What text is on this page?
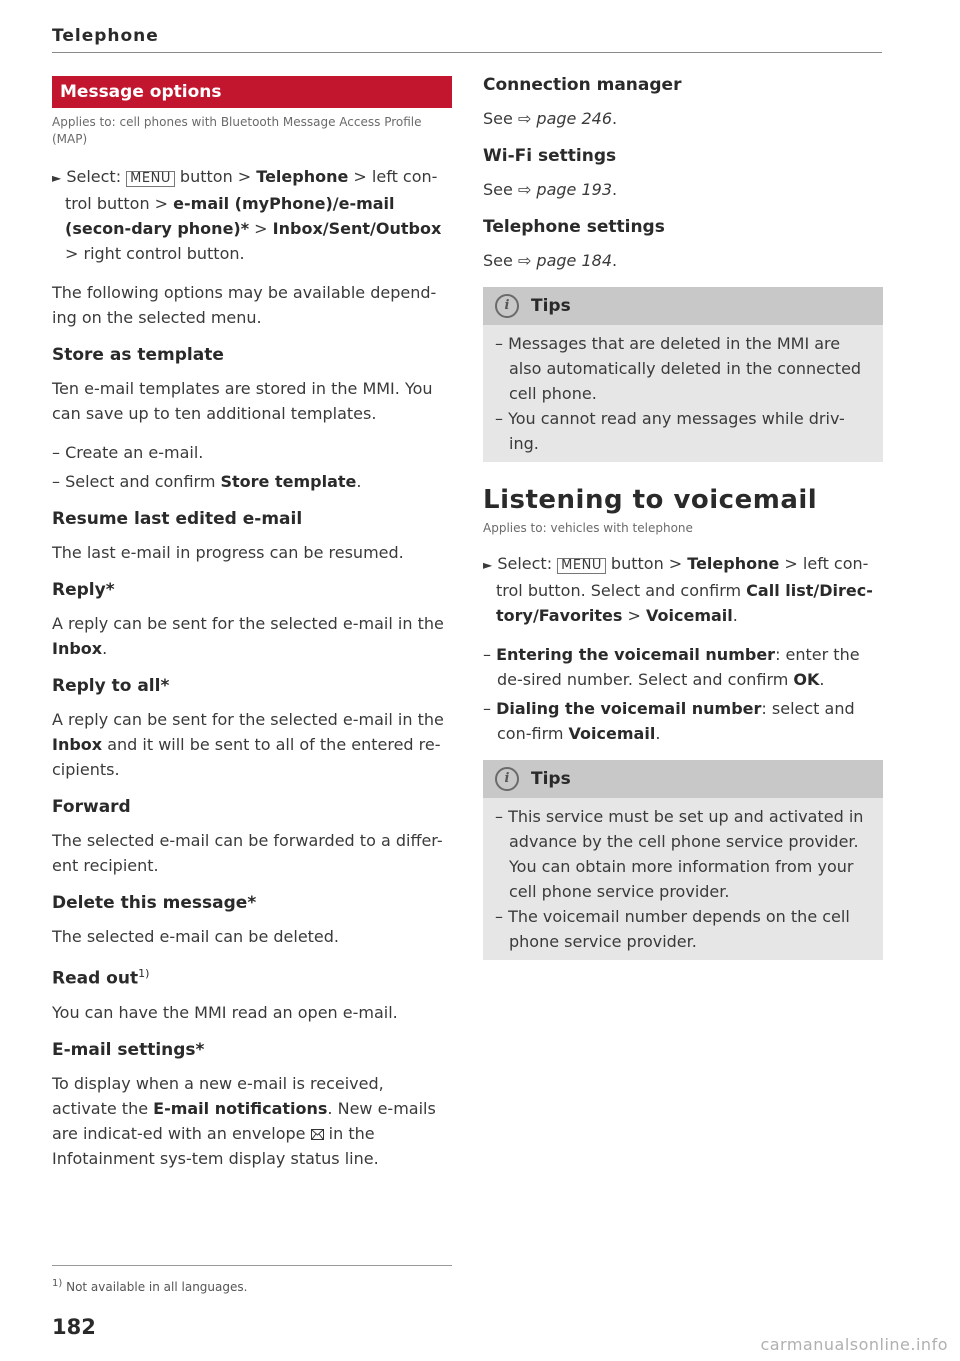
Telephone
Message options
Applies to: cell phones with Bluetooth Message Access Profile (MAP)
► Select: MENU button > Telephone > left con-trol button > e-mail (myPhone)/e-mail (secon-dary phone)* > Inbox/Sent/Outbox > right control button.

The following options may be available depend-ing on the selected menu.

Store as template

Ten e-mail templates are stored in the MMI. You can save up to ten additional templates.

– Create an e-mail.
– Select and confirm Store template.
Resume last edited e-mail

The last e-mail in progress can be resumed.

Reply*

A reply can be sent for the selected e-mail in the Inbox.

Reply to all*

A reply can be sent for the selected e-mail in the Inbox and it will be sent to all of the entered re-cipients.

Forward

The selected e-mail can be forwarded to a differ-ent recipient.

Delete this message*

The selected e-mail can be deleted.

Read out$^{1)}$

You can have the MMI read an open e-mail.

E-mail settings*

To display when a new e-mail is received, activate the E-mail notifications. New e-mails are indicat-ed with an envelope
in the Infotainment sys-tem display status line.

$^{1)}$ Not available in all languages.
182
Connection manager

See ⇨ page 246.

Wi-Fi settings

See ⇨ page 193.

Telephone settings

See ⇨ page 184.

i	Tips
– Messages that are deleted in the MMI are also automatically deleted in the connected cell phone.
– You cannot read any messages while driv-ing.
Listening to voicemail
Applies to: vehicles with telephone
► Select: MENU button > Telephone > left con-trol button. Select and confirm Call list/Direc-tory/Favorites > Voicemail.
– Entering the voicemail number: enter the de-sired number. Select and confirm OK.
– Dialing the voicemail number: select and con-firm Voicemail.
i	Tips
– This service must be set up and activated in advance by the cell phone service provider. You can obtain more information from your cell phone service provider.
– The voicemail number depends on the cell phone service provider.
carmanualsonline.info
